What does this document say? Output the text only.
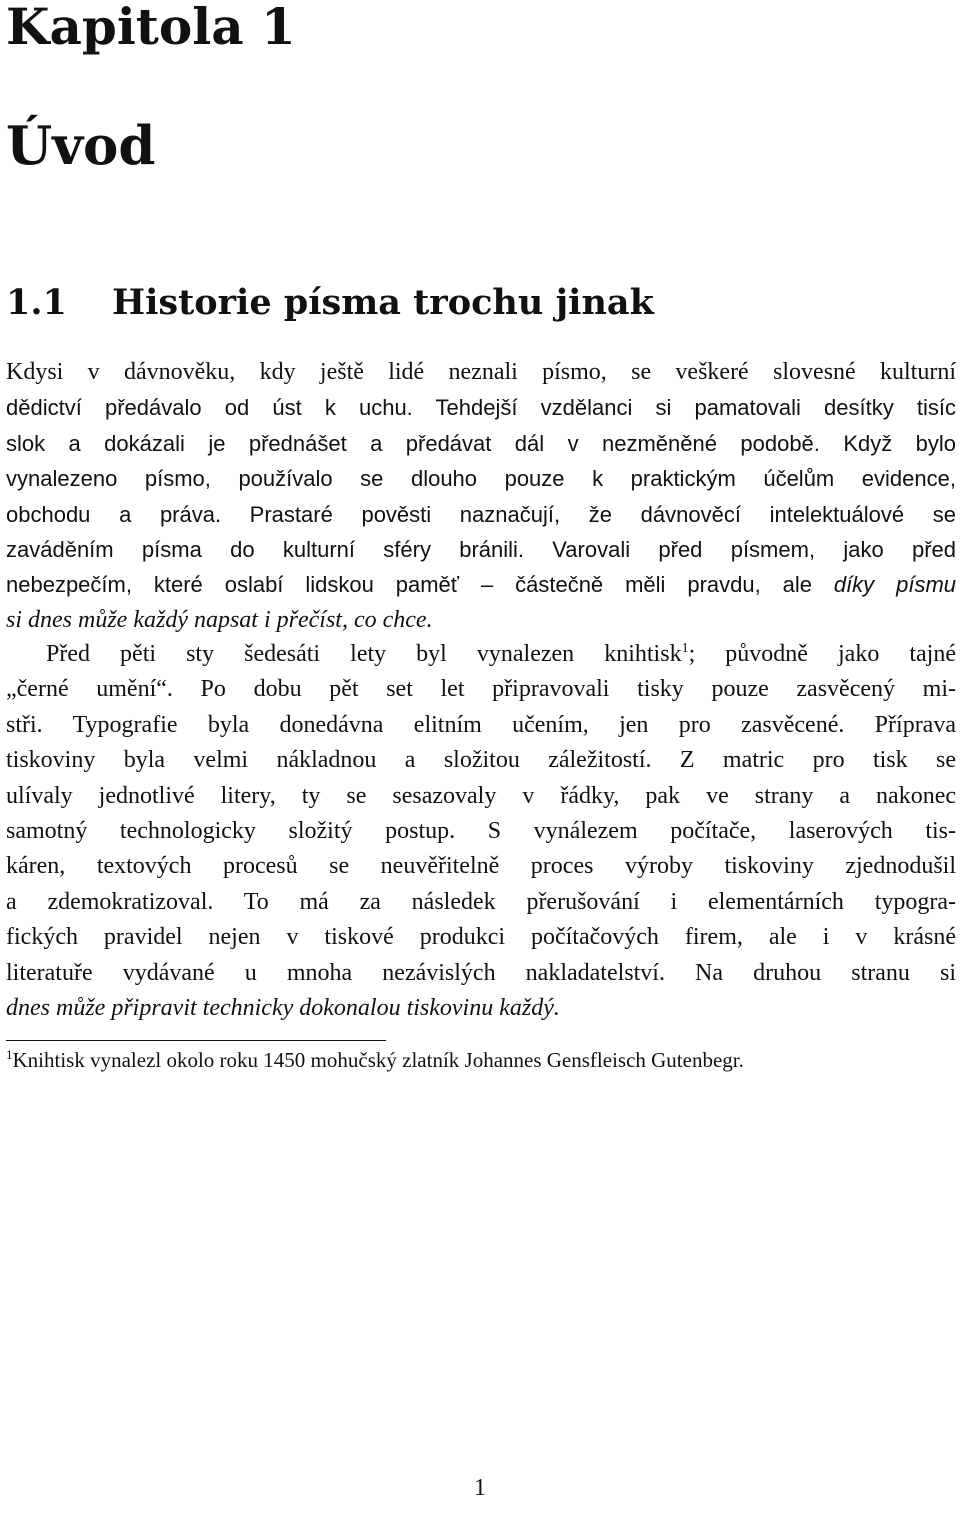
Kapitola 1
Úvod
1.1 Historie písma trochu jinak
Kdysi v dávnověku, kdy ještě lidé neznali písmo, se veškeré slovesné kulturní
dědictví předávalo od úst k uchu. Tehdejší vzdělanci si pamatovali desítky tisíc
slok a dokázali je přednášet a předávat dál v nezměněné podobě. Když bylo
vynalezeno písmo, používalo se dlouho pouze k praktickým účelům evidence,
obchodu a práva. Prastaré pověsti naznačují, že dávnověcí intelektuálové se
zaváděním písma do kulturní sféry bránili. Varovali před písmem, jako před
nebezpečím, které oslabí lidskou paměť – částečně měli pravdu, ale díky písmu
si dnes může každý napsat i přečíst, co chce.
Před pěti sty šedesáti lety byl vynalezen knihtisk$^1$; původně jako tajné
„černé umění“. Po dobu pět set let připravovali tisky pouze zasvěcený mi-
stři. Typografie byla donedávna elitním učením, jen pro zasvěcené. Příprava
tiskoviny byla velmi nákladnou a složitou záležitostí. Z matric pro tisk se
ulívaly jednotlivé litery, ty se sesazovaly v řádky, pak ve strany a nakonec
samotný technologicky složitý postup. S vynálezem počítače, laserových tis-
káren, textových procesů se neuvěřitelně proces výroby tiskoviny zjednodušil
a zdemokratizoval. To má za následek přerušování i elementárních typogra-
fických pravidel nejen v tiskové produkci počítačových firem, ale i v krásné
literatuře vydávané u mnoha nezávislých nakladatelství. Na druhou stranu si
dnes může připravit technicky dokonalou tiskovinu každý.
$^1$Knihtisk vynalezl okolo roku 1450 mohučský zlatník Johannes Gensfleisch Gutenbegr.
1
